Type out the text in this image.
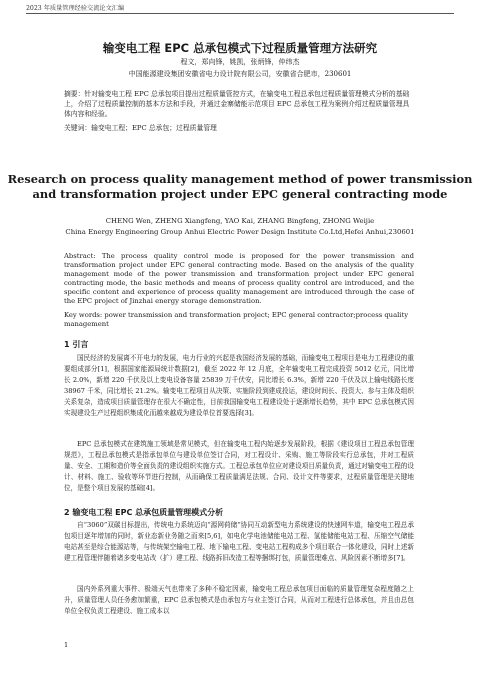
2023 年质量管理经验交流论文汇编
输变电工程 EPC 总承包模式下过程质量管理方法研究
程文，郑向锋，姚凯，张炳锋，仲纬杰
中国能源建设集团安徽省电力设计院有限公司，安徽省合肥市，230601
摘要：针对输变电工程 EPC 总承包项目提出过程质量管控方式，在输变电工程总承包过程质量管理模式分析的基础上，介绍了过程质量控制的基本方法和手段，并通过金寨储能示范项目 EPC 总承包工程为案例介绍过程质量管理具体内容和经验。
关键词：输变电工程；EPC 总承包；过程质量管理
Research on process quality management method of power transmission and transformation project under EPC general contracting mode
CHENG Wen, ZHENG Xiangfeng, YAO Kai, ZHANG Bingfeng, ZHONG Weijie
China Energy Engineering Group Anhui Electric Power Design Institute Co.Ltd,Hefei Anhui,230601
Abstract: The process quality control mode is proposed for the power transmission and transformation project under EPC general contracting mode. Based on the analysis of the quality management mode of the power transmission and transformation project under EPC general contracting mode, the basic methods and means of process quality control are introduced, and the specific content and experience of process quality management are introduced through the case of the EPC project of Jinzhai energy storage demonstration.
Key words: power transmission and transformation project; EPC general contractor;process quality management
1 引言
国民经济的发展离不开电力的发展，电力行业的兴起是我国经济发展的基础，而输变电工程项目是电力工程建设的重要组成部分[1]，根据国家能源局统计数据[2]，截至 2022 年 12 月底，全年输变电工程完成投资 5012 亿元，同比增长 2.0%，新增 220 千伏及以上变电设备容量 25839 万千伏安，同比增长 6.3%，新增 220 千伏及以上输电线路长度 38967 千米，同比增长 21.2%。输变电工程项目从决策、实施阶段到建成投运，建设时间长、投资大、参与主体及组织关系复杂，造成项目质量管理存在很大不确定性，目前我国输变电工程建设处于逐渐增长趋势，其中 EPC 总承包模式因实现建设生产过程组织集成化而越来越成为建设单位首要选择[3]。
EPC 总承包模式在建筑施工领域是常见模式，但在输变电工程内始逐步发展阶段，根据《建设项目工程总承包管理规范》，工程总承包模式是指承包单位与建设单位签订合同，对工程设计、采购、施工等阶段实行总承包，并对工程质量、安全、工期和造价等全面负责的建设组织实施方式。工程总承包单位应对建设项目质量负责，通过对输变电工程的设计、材料、施工、验收等环节进行控制，从而确保工程质量满足法规、合同、设计文件等要求，过程质量管理是关键地位，是整个项目发展的基础[4]。
2 输变电工程 EPC 总承包质量管理模式分析
自“3060”双碳目标提出，传统电力系统迈向“源网荷储”协同互动新型电力系统建设的快速网车道，输变电工程总承包项目逐年增加的同时，新业态新业务随之而来[5,6]，如电化学电池储能电站工程、氢能储能电站工程、压缩空气储能电站甚至是综合能源站等，与传统架空输电工程、地下输电工程、变电站工程构成多个项目联合一体化建设，同时上述新建工程管理伴随着诸多变电站改（扩）建工程、线路拆旧改造工程等捆绑打包，质量管理难点、风险因素不断增多[7]。
国内外系列重大事件、极端天气也带来了多种不稳定因素，输变电工程总承包项目面临的质量管理复杂程度随之上升，质量管理人员任务愈加繁重，EPC 总承包模式是由承包方与业主签订合同，从而对工程进行总体承包，并且由总包单位全权负责工程建设、施工成本以
1
